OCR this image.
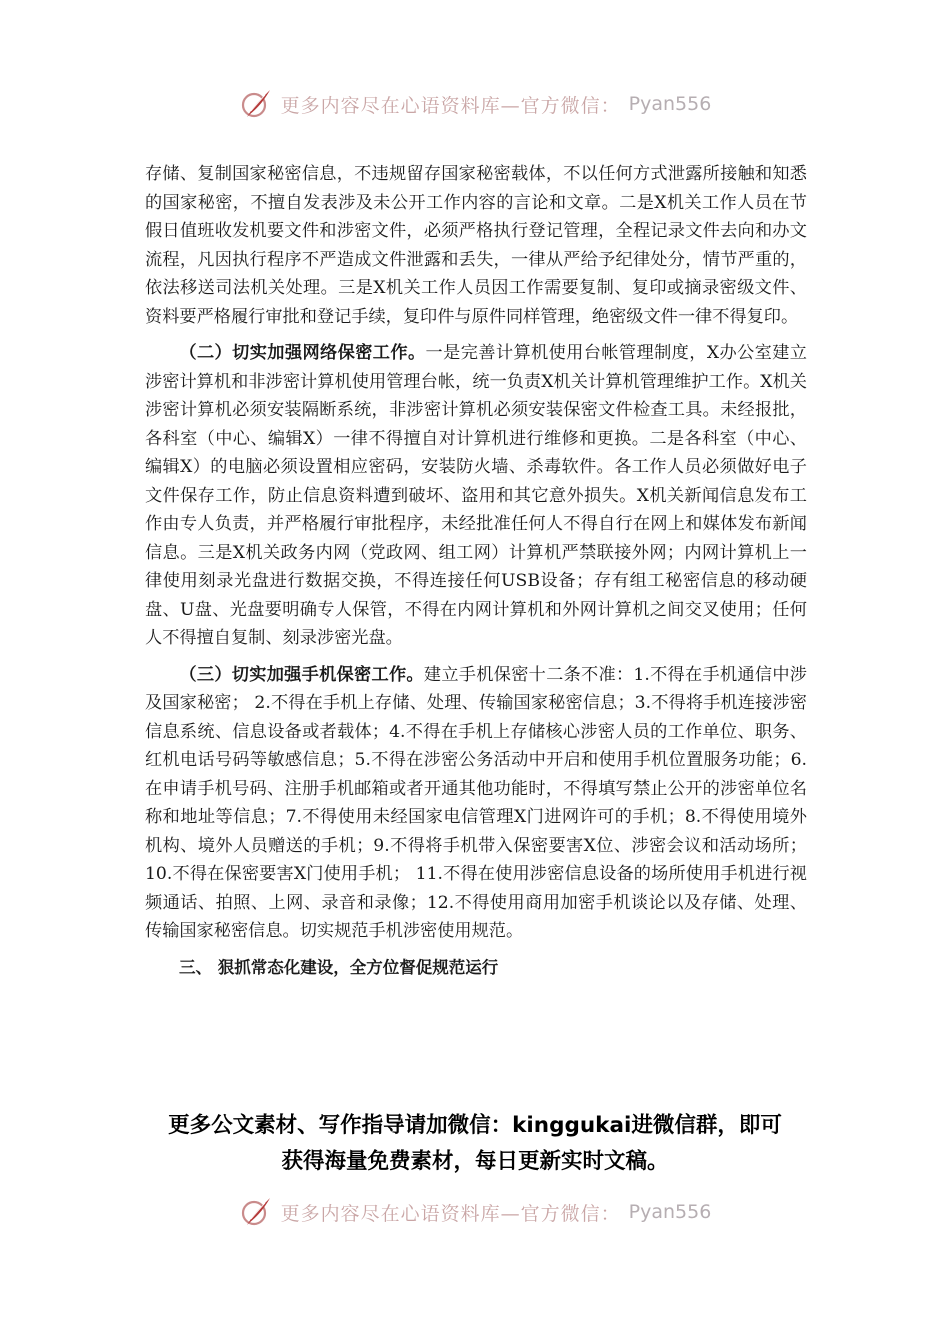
更多内容尽在心语资料库—官方微信： Pyan556

存储、复制国家秘密信息，不违规留存国家秘密载体，不以任何方式泄露所接触和知悉的国家秘密，不擅自发表涉及未公开工作内容的言论和文章。二是X机关工作人员在节假日值班收发机要文件和涉密文件，必须严格执行登记管理，全程记录文件去向和办文流程，凡因执行程序不严造成文件泄露和丢失，一律从严给予纪律处分，情节严重的，依法移送司法机关处理。三是X机关工作人员因工作需要复制、复印或摘录密级文件、资料要严格履行审批和登记手续，复印件与原件同样管理，绝密级文件一律不得复印。

（二）切实加强网络保密工作。一是完善计算机使用台帐管理制度，X办公室建立涉密计算机和非涉密计算机使用管理台帐，统一负责X机关计算机管理维护工作。X机关涉密计算机必须安装隔断系统，非涉密计算机必须安装保密文件检查工具。未经报批，各科室（中心、编辑X）一律不得擅自对计算机进行维修和更换。二是各科室（中心、编辑X）的电脑必须设置相应密码，安装防火墙、杀毒软件。各工作人员必须做好电子文件保存工作，防止信息资料遭到破坏、盗用和其它意外损失。X机关新闻信息发布工作由专人负责，并严格履行审批程序，未经批准任何人不得自行在网上和媒体发布新闻信息。三是X机关政务内网（党政网、组工网）计算机严禁联接外网；内网计算机上一律使用刻录光盘进行数据交换，不得连接任何USB设备；存有组工秘密信息的移动硬盘、U盘、光盘要明确专人保管，不得在内网计算机和外网计算机之间交叉使用；任何人不得擅自复制、刻录涉密光盘。

（三）切实加强手机保密工作。建立手机保密十二条不准：1.不得在手机通信中涉及国家秘密； 2.不得在手机上存储、处理、传输国家秘密信息；3.不得将手机连接涉密信息系统、信息设备或者载体；4.不得在手机上存储核心涉密人员的工作单位、职务、红机电话号码等敏感信息；5.不得在涉密公务活动中开启和使用手机位置服务功能；6.在申请手机号码、注册手机邮箱或者开通其他功能时，不得填写禁止公开的涉密单位名称和地址等信息；7.不得使用未经国家电信管理X门进网许可的手机；8.不得使用境外机构、境外人员赠送的手机；9.不得将手机带入保密要害X位、涉密会议和活动场所；10.不得在保密要害X门使用手机； 11.不得在使用涉密信息设备的场所使用手机进行视频通话、拍照、上网、录音和录像；12.不得使用商用加密手机谈论以及存储、处理、传输国家秘密信息。切实规范手机涉密使用规范。

三、 狠抓常态化建设，全方位督促规范运行

更多公文素材、写作指导请加微信：kinggukai进微信群，即可
获得海量免费素材，每日更新实时文稿。
更多内容尽在心语资料库—官方微信： Pyan556
